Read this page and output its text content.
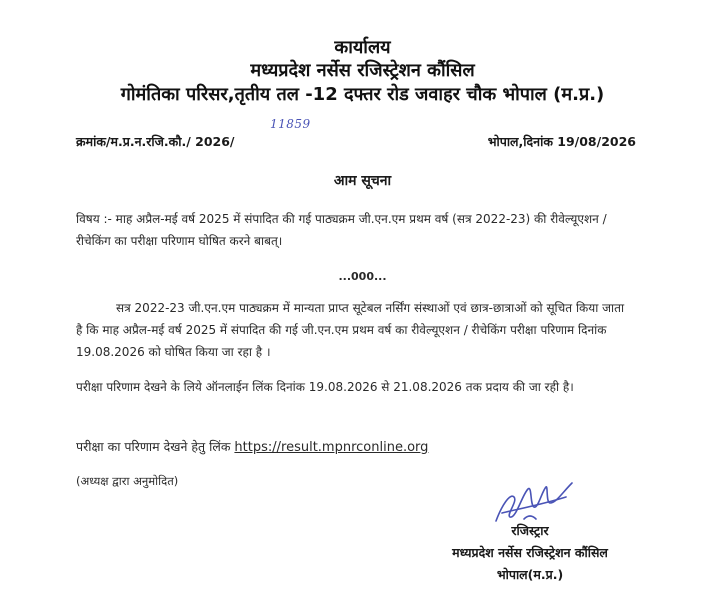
कार्यालय
मध्यप्रदेश नर्सेस रजिस्ट्रेशन कौंसिल
गोमंतिका परिसर,तृतीय तल -12 दफ्तर रोड जवाहर चौक भोपाल (म.प्र.)
क्रमांक/म.प्र.न.रजि.कौ./ 2026/
11859
भोपाल,दिनांक 19/08/2026
आम सूचना
विषय :- माह अप्रैल-मई वर्ष 2025 में संपादित की गई पाठ्यक्रम जी.एन.एम प्रथम वर्ष (सत्र 2022-23) की रीवेल्यूएशन / रीचेकिंग का परीक्षा परिणाम घोषित करने बाबत्।
...000...
सत्र 2022-23 जी.एन.एम पाठ्यक्रम में मान्यता प्राप्त सूटेबल नर्सिंग संस्थाओं एवं छात्र-छात्राओं को सूचित किया जाता है कि माह अप्रैल-मई वर्ष 2025 में संपादित की गई जी.एन.एम प्रथम वर्ष का रीवेल्यूएशन / रीचेकिंग परीक्षा परिणाम दिनांक 19.08.2026 को घोषित किया जा रहा है ।
परीक्षा परिणाम देखने के लिये ऑनलाईन लिंक दिनांक 19.08.2026 से 21.08.2026 तक प्रदाय की जा रही है।
परीक्षा का परिणाम देखने हेतु लिंक https://result.mpnrconline.org
(अध्यक्ष द्वारा अनुमोदित)
रजिस्ट्रार
मध्यप्रदेश नर्सेस रजिस्ट्रेशन कौंसिल
भोपाल(म.प्र.)
